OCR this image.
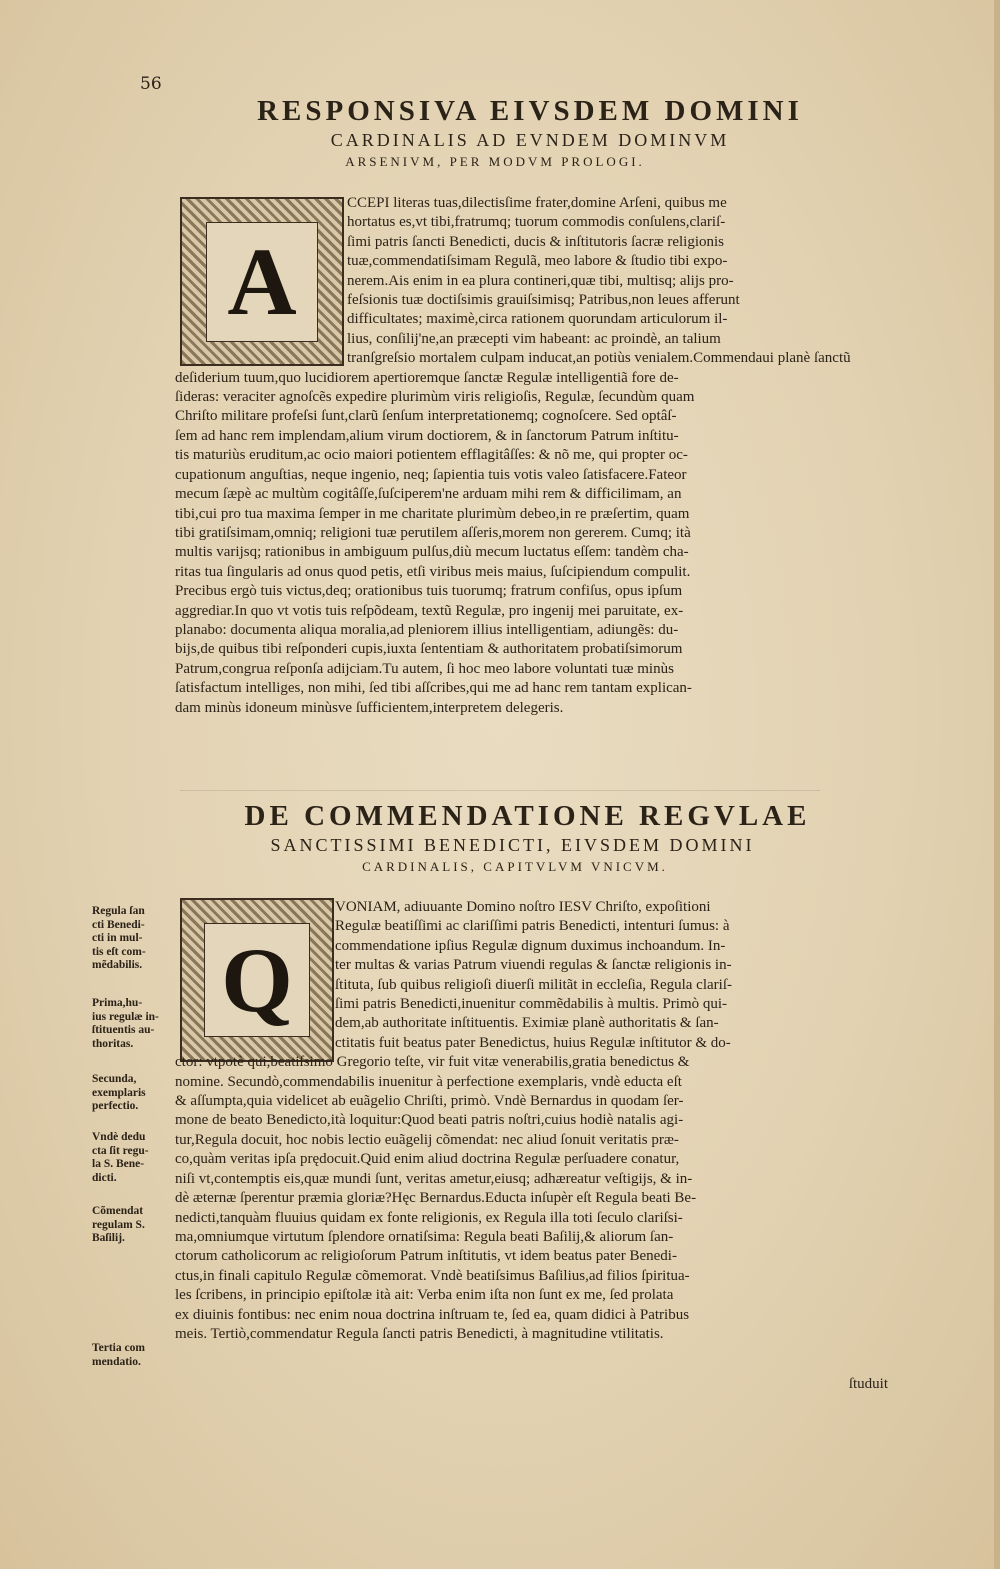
56
RESPONSIVA EIVSDEM DOMINI
CARDINALIS AD EVNDEM DOMINVM
ARSENIVM, PER MODVM PROLOGI.
A
CCEPI literas tuas,dilectisſime frater,domine Arſeni, quibus me
hortatus es,vt tibi,fratrumq; tuorum commodis conſulens,clariſ-
ſimi patris ſancti Benedicti, ducis & inſtitutoris ſacræ religionis
tuæ,commendatiſsimam Regulã, meo labore & ſtudio tibi expo-
nerem.Ais enim in ea plura contineri,quæ tibi, multisq; alijs pro-
feſsionis tuæ doctiſsimis grauiſsimisq; Patribus,non leues afferunt
difficultates; maximè,circa rationem quorundam articulorum il-
lius, conſilij'ne,an præcepti vim habeant: ac proindè, an talium
tranſgreſsio mortalem culpam inducat,an potiùs venialem.Commendaui planè ſanctũ
deſiderium tuum,quo lucidiorem apertioremque ſanctæ Regulæ intelligentiã fore de-
ſideras: veraciter agnoſcẽs expedire plurimùm viris religioſis, Regulæ, ſecundùm quam
Chriſto militare profeſsi ſunt,clarũ ſenſum interpretationemq; cognoſcere. Sed optâſ-
ſem ad hanc rem implendam,alium virum doctiorem, & in ſanctorum Patrum inſtitu-
tis maturiùs eruditum,ac ocio maiori potientem efflagitâſſes: & nõ me, qui propter oc-
cupationum anguſtias, neque ingenio, neq; ſapientia tuis votis valeo ſatisfacere.Fateor
mecum ſæpè ac multùm cogitâſſe,ſuſciperem'ne arduam mihi rem & difficilimam, an
tibi,cui pro tua maxima ſemper in me charitate plurimùm debeo,in re præſertim, quam
tibi gratiſsimam,omniq; religioni tuæ perutilem aſſeris,morem non gererem. Cumq; ità
multis varijsq; rationibus in ambiguum pulſus,diù mecum luctatus eſſem: tandèm cha-
ritas tua ſingularis ad onus quod petis, etſi viribus meis maius, ſuſcipiendum compulit.
Precibus ergò tuis victus,deq; orationibus tuis tuorumq; fratrum confiſus, opus ipſum
aggrediar.In quo vt votis tuis reſpõdeam, textũ Regulæ, pro ingenij mei paruitate, ex-
planabo: documenta aliqua moralia,ad pleniorem illius intelligentiam, adiungẽs: du-
bijs,de quibus tibi reſponderi cupis,iuxta ſententiam & authoritatem probatiſsimorum
Patrum,congrua reſponſa adijciam.Tu autem, ſi hoc meo labore voluntati tuæ minùs
ſatisfactum intelliges, non mihi, ſed tibi aſſcribes,qui me ad hanc rem tantam explican-
dam minùs idoneum minùsve ſufficientem,interpretem delegeris.
DE COMMENDATIONE REGVLAE
SANCTISSIMI BENEDICTI, EIVSDEM DOMINI
CARDINALIS, CAPITVLVM VNICVM.
Q
VONIAM, adiuuante Domino noſtro IESV Chriſto, expoſitioni
Regulæ beatiſſimi ac clariſſimi patris Benedicti, intenturi ſumus: à
commendatione ipſius Regulæ dignum duximus inchoandum. In-
ter multas & varias Patrum viuendi regulas & ſanctæ religionis in-
ſtituta, ſub quibus religioſi diuerſi militãt in eccleſia, Regula clariſ-
ſimi patris Benedicti,inuenitur commẽdabilis à multis. Primò qui-
dem,ab authoritate inſtituentis. Eximiæ planè authoritatis & ſan-
ctitatis fuit beatus pater Benedictus, huius Regulæ inſtitutor & do-
ctor: vtpotè qui,beatiſsimo Gregorio teſte, vir fuit vitæ venerabilis,gratia benedictus &
nomine. Secundò,commendabilis inuenitur à perfectione exemplaris, vndè educta eſt
& aſſumpta,quia videlicet ab euãgelio Chriſti, primò. Vndè Bernardus in quodam ſer-
mone de beato Benedicto,ità loquitur:Quod beati patris noſtri,cuius hodiè natalis agi-
tur,Regula docuit, hoc nobis lectio euãgelij cõmendat: nec aliud ſonuit veritatis præ-
co,quàm veritas ipſa prędocuit.Quid enim aliud doctrina Regulæ perſuadere conatur,
niſi vt,contemptis eis,quæ mundi ſunt, veritas ametur,eiusq; adhæreatur veſtigijs, & in-
dè æternæ ſperentur præmia gloriæ?Hęc Bernardus.Educta inſupèr eſt Regula beati Be-
nedicti,tanquàm fluuius quidam ex fonte religionis, ex Regula illa toti ſeculo clariſsi-
ma,omniumque virtutum ſplendore ornatiſsima: Regula beati Baſilij,& aliorum ſan-
ctorum catholicorum ac religioſorum Patrum inſtitutis, vt idem beatus pater Benedi-
ctus,in finali capitulo Regulæ cõmemorat. Vndè beatiſsimus Baſilius,ad filios ſpiritua-
les ſcribens, in principio epiſtolæ ità ait: Verba enim iſta non ſunt ex me, ſed prolata
ex diuinis fontibus: nec enim noua doctrina inſtruam te, ſed ea, quam didici à Patribus
meis. Tertiò,commendatur Regula ſancti patris Benedicti, à magnitudine vtilitatis.
Regula ſan
cti Benedi-
cti in mul-
tis eſt com-
mẽdabilis.
Prima,hu-
ius regulæ in-
ſtituentis au-
thoritas.
Secunda,
exemplaris
perfectio.
Vndè dedu
cta ſit regu-
la S. Bene-
dicti.
Cõmendat
regulam S.
Baſilij.
Tertia com
mendatio.
ſtuduit
